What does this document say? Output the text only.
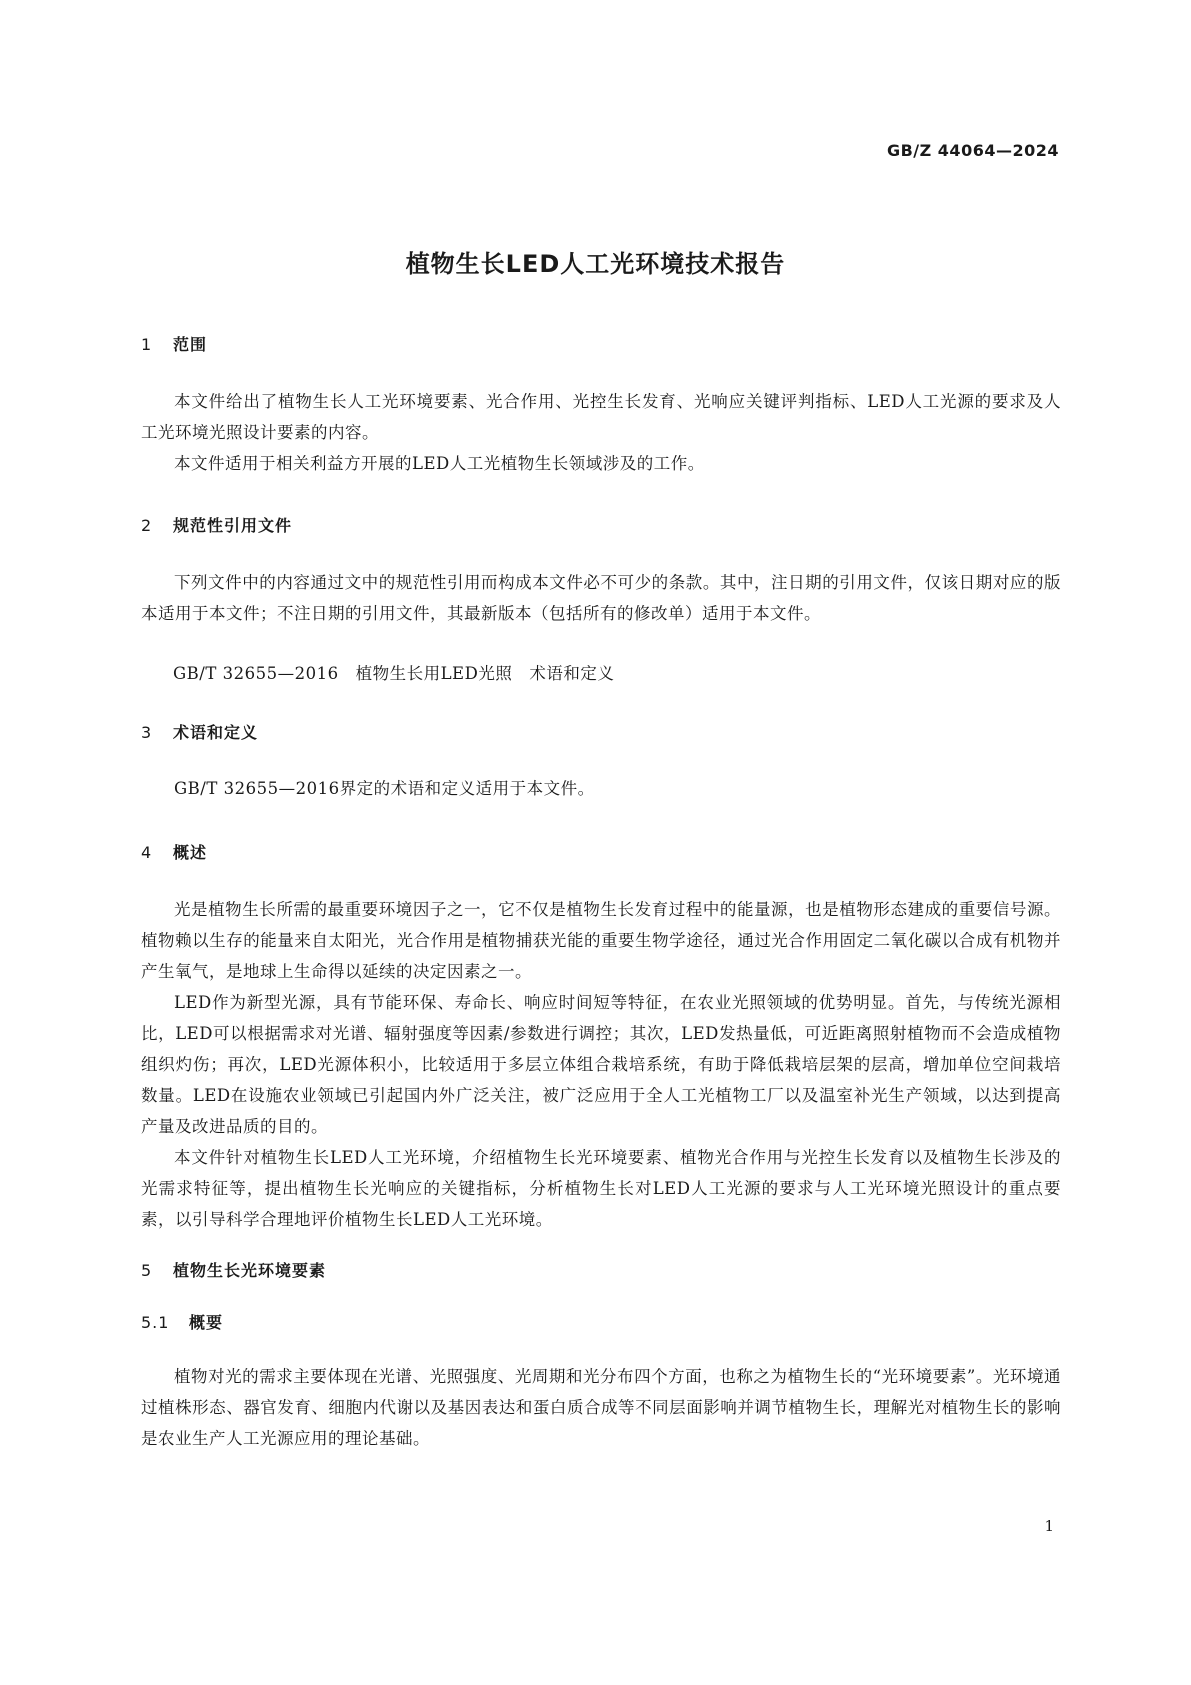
GB/Z 44064—2024
植物生长LED人工光环境技术报告
1 范围
本文件给出了植物生长人工光环境要素、光合作用、光控生长发育、光响应关键评判指标、LED人工光源的要求及人工光环境光照设计要素的内容。
本文件适用于相关利益方开展的LED人工光植物生长领域涉及的工作。
2 规范性引用文件
下列文件中的内容通过文中的规范性引用而构成本文件必不可少的条款。其中，注日期的引用文件，仅该日期对应的版本适用于本文件；不注日期的引用文件，其最新版本（包括所有的修改单）适用于本文件。
GB/T 32655—2016　植物生长用LED光照　术语和定义
3 术语和定义
GB/T 32655—2016界定的术语和定义适用于本文件。
4 概述
光是植物生长所需的最重要环境因子之一，它不仅是植物生长发育过程中的能量源，也是植物形态建成的重要信号源。植物赖以生存的能量来自太阳光，光合作用是植物捕获光能的重要生物学途径，通过光合作用固定二氧化碳以合成有机物并产生氧气，是地球上生命得以延续的决定因素之一。
LED作为新型光源，具有节能环保、寿命长、响应时间短等特征，在农业光照领域的优势明显。首先，与传统光源相比，LED可以根据需求对光谱、辐射强度等因素/参数进行调控；其次，LED发热量低，可近距离照射植物而不会造成植物组织灼伤；再次，LED光源体积小，比较适用于多层立体组合栽培系统，有助于降低栽培层架的层高，增加单位空间栽培数量。LED在设施农业领域已引起国内外广泛关注，被广泛应用于全人工光植物工厂以及温室补光生产领域，以达到提高产量及改进品质的目的。
本文件针对植物生长LED人工光环境，介绍植物生长光环境要素、植物光合作用与光控生长发育以及植物生长涉及的光需求特征等，提出植物生长光响应的关键指标，分析植物生长对LED人工光源的要求与人工光环境光照设计的重点要素，以引导科学合理地评价植物生长LED人工光环境。
5 植物生长光环境要素
5.1 概要
植物对光的需求主要体现在光谱、光照强度、光周期和光分布四个方面，也称之为植物生长的“光环境要素”。光环境通过植株形态、器官发育、细胞内代谢以及基因表达和蛋白质合成等不同层面影响并调节植物生长，理解光对植物生长的影响是农业生产人工光源应用的理论基础。
1
